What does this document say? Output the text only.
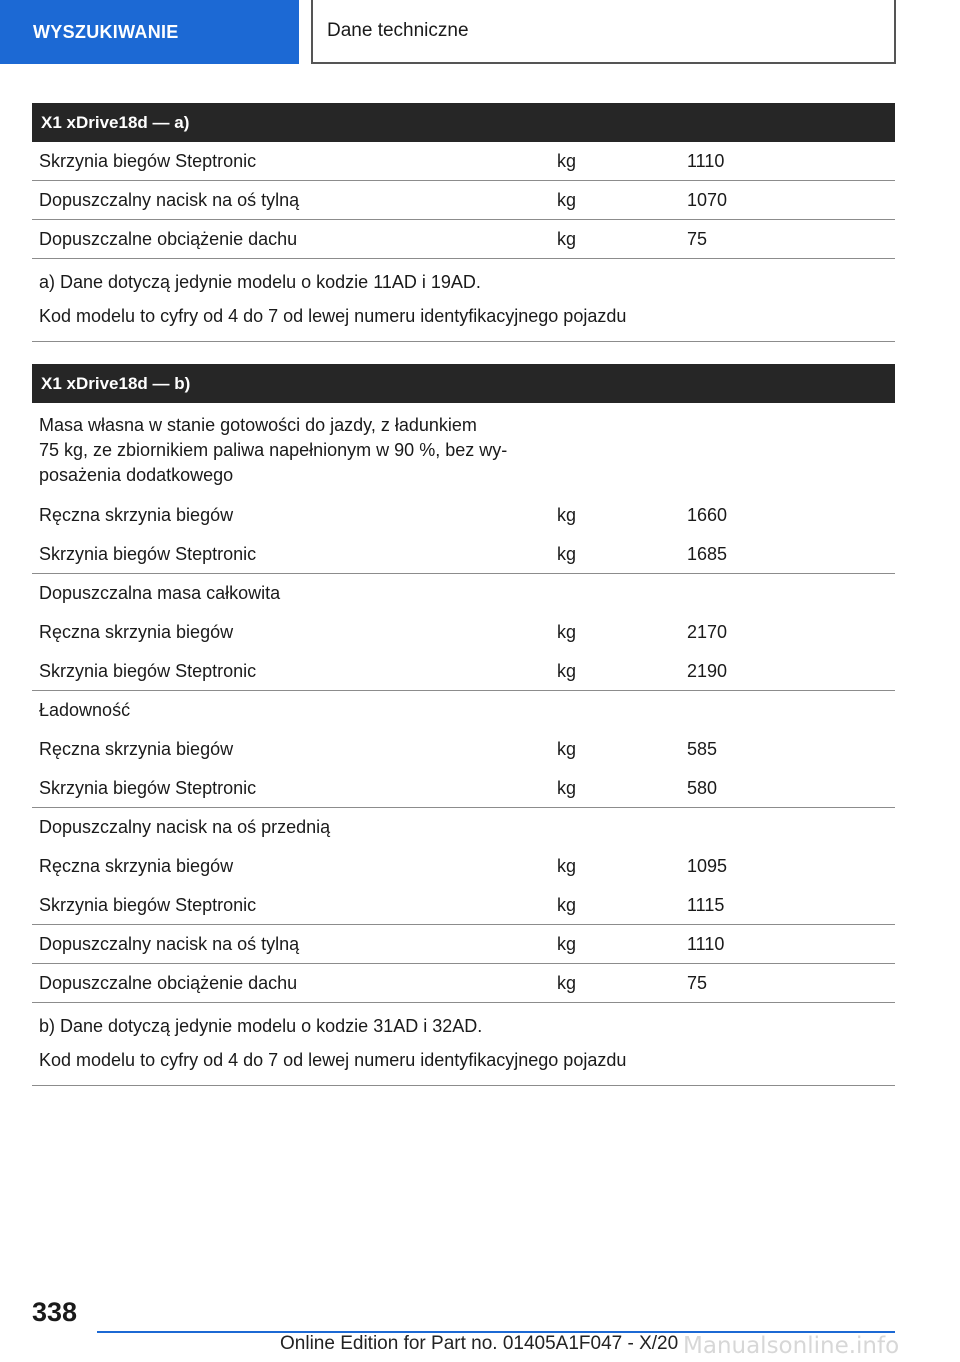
WYSZUKIWANIE	Dane techniczne
X1 xDrive18d — a)
Skrzynia biegów Steptronic	kg	1110
Dopuszczalny nacisk na oś tylną	kg	1070
Dopuszczalne obciążenie dachu	kg	75
a) Dane dotyczą jedynie modelu o kodzie 11AD i 19AD.
Kod modelu to cyfry od 4 do 7 od lewej numeru identyfikacyjnego pojazdu
X1 xDrive18d — b)
Masa własna w stanie gotowości do jazdy, z ładunkiem
75 kg, ze zbiornikiem paliwa napełnionym w 90 %, bez wy-
posażenia dodatkowego
Ręczna skrzynia biegów	kg	1660
Skrzynia biegów Steptronic	kg	1685
Dopuszczalna masa całkowita
Ręczna skrzynia biegów	kg	2170
Skrzynia biegów Steptronic	kg	2190
Ładowność
Ręczna skrzynia biegów	kg	585
Skrzynia biegów Steptronic	kg	580
Dopuszczalny nacisk na oś przednią
Ręczna skrzynia biegów	kg	1095
Skrzynia biegów Steptronic	kg	1115
Dopuszczalny nacisk na oś tylną	kg	1110
Dopuszczalne obciążenie dachu	kg	75
b) Dane dotyczą jedynie modelu o kodzie 31AD i 32AD.
Kod modelu to cyfry od 4 do 7 od lewej numeru identyfikacyjnego pojazdu
338
Online Edition for Part no. 01405A1F047 - X/20 Manualsonline.info
